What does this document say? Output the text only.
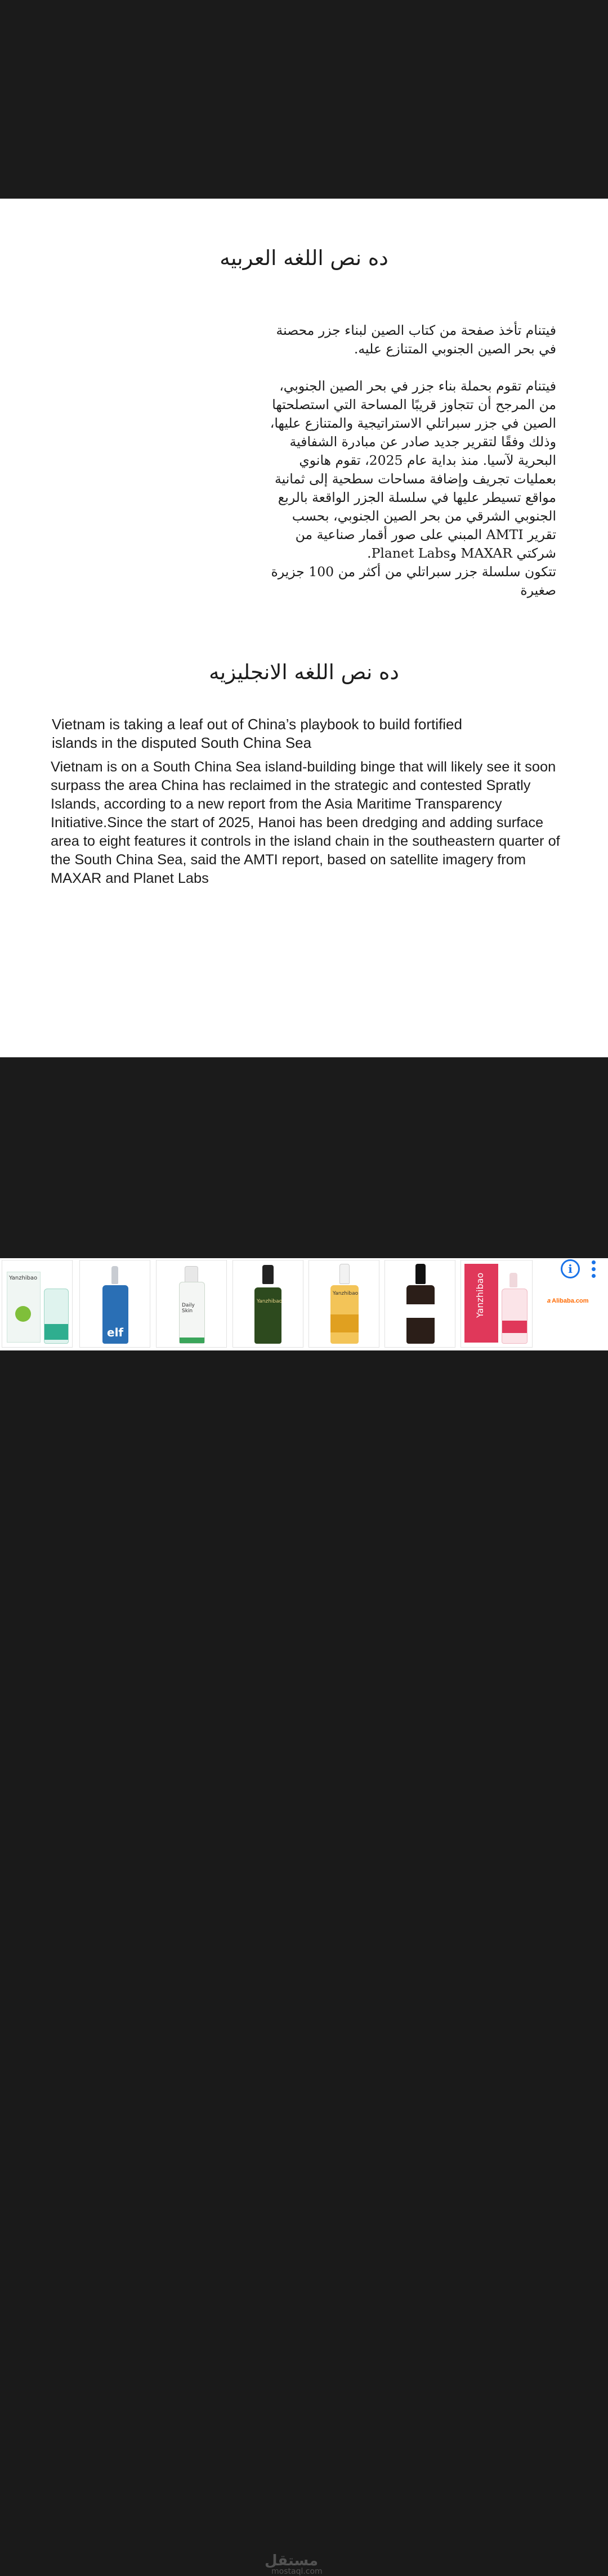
ده نص اللغه العربيه

فيتنام تأخذ صفحة من كتاب الصين لبناء جزر محصنة في بحر الصين الجنوبي المتنازع عليه.

فيتنام تقوم بحملة بناء جزر في بحر الصين الجنوبي، من المرجح أن تتجاوز قريبًا المساحة التي استصلحتها الصين في جزر سبراتلي الاستراتيجية والمتنازع عليها، وذلك وفقًا لتقرير جديد صادر عن مبادرة الشفافية البحرية لآسيا. منذ بداية عام 2025، تقوم هانوي بعمليات تجريف وإضافة مساحات سطحية إلى ثمانية مواقع تسيطر عليها في سلسلة الجزر الواقعة بالربع الجنوبي الشرقي من بحر الصين الجنوبي، بحسب تقرير AMTI المبني على صور أقمار صناعية من شركتي MAXAR وPlanet Labs.

تتكون سلسلة جزر سبراتلي من أكثر من 100 جزيرة صغيرة

ده نص اللغه الانجليزيه
Vietnam is taking a leaf out of China’s playbook to build fortified islands in the disputed South China Sea
Vietnam is on a South China Sea island-building binge that will likely see it soon surpass the area China has reclaimed in the strategic and contested Spratly Islands, according to a new report from the Asia Maritime Transparency Initiative.Since the start of 2025, Hanoi has been dredging and adding surface area to eight features it controls in the island chain in the southeastern quarter of the South China Sea, said the AMTI report, based on satellite imagery from MAXAR and Planet Labs
Yanzhibao
elf
Daily Skin
Yanzhibao
Yanzhibao	Yanzhibao
مستقل
mostaql.com
i
a Alibaba.com
